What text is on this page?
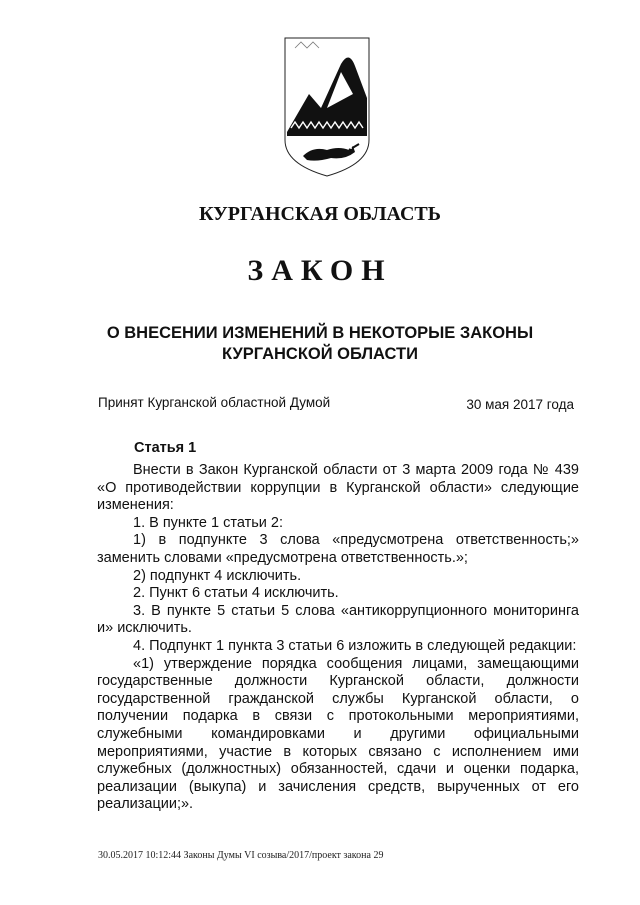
КУРГАНСКАЯ ОБЛАСТЬ
ЗАКОН
О ВНЕСЕНИИ ИЗМЕНЕНИЙ В НЕКОТОРЫЕ ЗАКОНЫ
КУРГАНСКОЙ ОБЛАСТИ
Принят Курганской областной Думой	30 мая 2017 года
Статья 1

Внести в Закон Курганской области от 3 марта 2009 года № 439 «О противодействии коррупции в Курганской области» следующие изменения:

1. В пункте 1 статьи 2:

1) в подпункте 3 слова «предусмотрена ответственность;» заменить словами «предусмотрена ответственность.»;

2) подпункт 4 исключить.

2. Пункт 6 статьи 4 исключить.

3. В пункте 5 статьи 5 слова «антикоррупционного мониторинга и» исключить.

4. Подпункт 1 пункта 3 статьи 6 изложить в следующей редакции:

«1) утверждение порядка сообщения лицами, замещающими государственные должности Курганской области, должности государственной гражданской службы Курганской области, о получении подарка в связи с протокольными мероприятиями, служебными командировками и другими официальными мероприятиями, участие в которых связано с исполнением ими служебных (должностных) обязанностей, сдачи и оценки подарка, реализации (выкупа) и зачисления средств, вырученных от его реализации;».

30.05.2017 10:12:44 Законы Думы VI созыва/2017/проект закона 29
